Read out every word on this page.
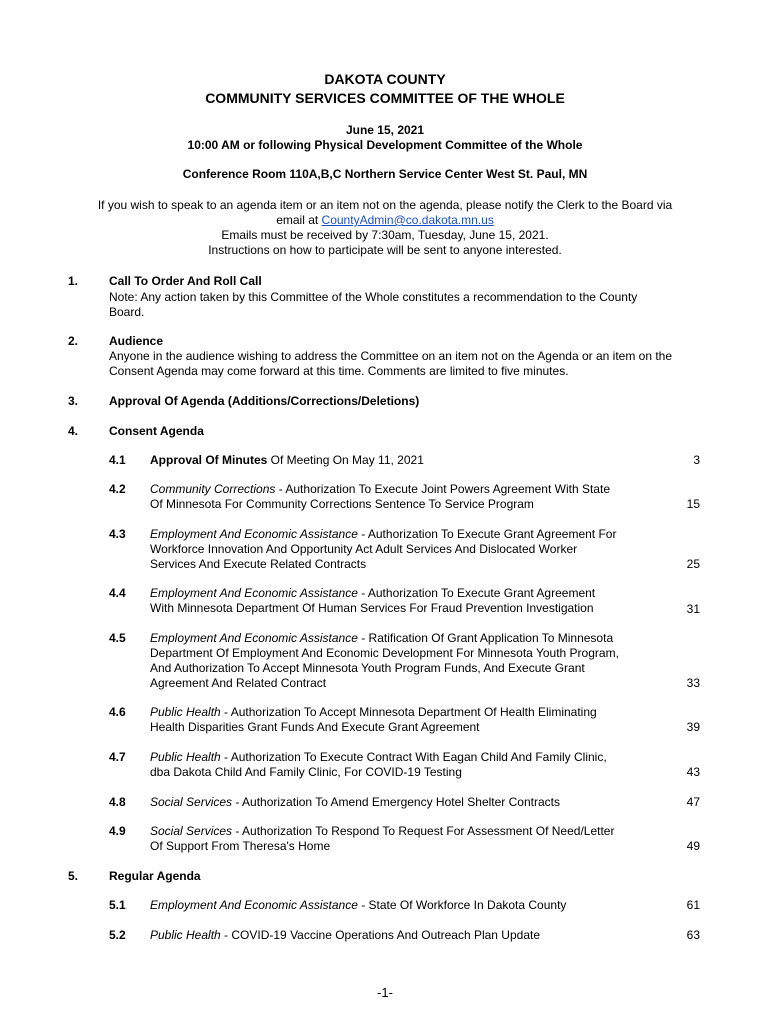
DAKOTA COUNTY
COMMUNITY SERVICES COMMITTEE OF THE WHOLE
June 15, 2021
10:00 AM or following Physical Development Committee of the Whole
Conference Room 110A,B,C Northern Service Center West St. Paul, MN
If you wish to speak to an agenda item or an item not on the agenda, please notify the Clerk to the Board via
email at CountyAdmin@co.dakota.mn.us
Emails must be received by 7:30am, Tuesday, June 15, 2021.
Instructions on how to participate will be sent to anyone interested.
1.	Call To Order And Roll Call
Note: Any action taken by this Committee of the Whole constitutes a recommendation to the County
Board.
2.	Audience
Anyone in the audience wishing to address the Committee on an item not on the Agenda or an item on the
Consent Agenda may come forward at this time. Comments are limited to five minutes.
3.	Approval Of Agenda (Additions/Corrections/Deletions)
4.	Consent Agenda
4.1 Approval Of Minutes Of Meeting On May 11, 2021	3
4.2 Community Corrections - Authorization To Execute Joint Powers Agreement With State
Of Minnesota For Community Corrections Sentence To Service Program	15
4.3 Employment And Economic Assistance - Authorization To Execute Grant Agreement For
Workforce Innovation And Opportunity Act Adult Services And Dislocated Worker
Services And Execute Related Contracts	25
4.4 Employment And Economic Assistance - Authorization To Execute Grant Agreement
With Minnesota Department Of Human Services For Fraud Prevention Investigation	31
4.5 Employment And Economic Assistance - Ratification Of Grant Application To Minnesota
Department Of Employment And Economic Development For Minnesota Youth Program,
And Authorization To Accept Minnesota Youth Program Funds, And Execute Grant
Agreement And Related Contract	33
4.6 Public Health - Authorization To Accept Minnesota Department Of Health Eliminating
Health Disparities Grant Funds And Execute Grant Agreement	39
4.7 Public Health - Authorization To Execute Contract With Eagan Child And Family Clinic,
dba Dakota Child And Family Clinic, For COVID-19 Testing	43
4.8 Social Services - Authorization To Amend Emergency Hotel Shelter Contracts	47
4.9 Social Services - Authorization To Respond To Request For Assessment Of Need/Letter
Of Support From Theresa's Home	49
5.	Regular Agenda
5.1 Employment And Economic Assistance - State Of Workforce In Dakota County	61
5.2 Public Health - COVID-19 Vaccine Operations And Outreach Plan Update	63
-1-
